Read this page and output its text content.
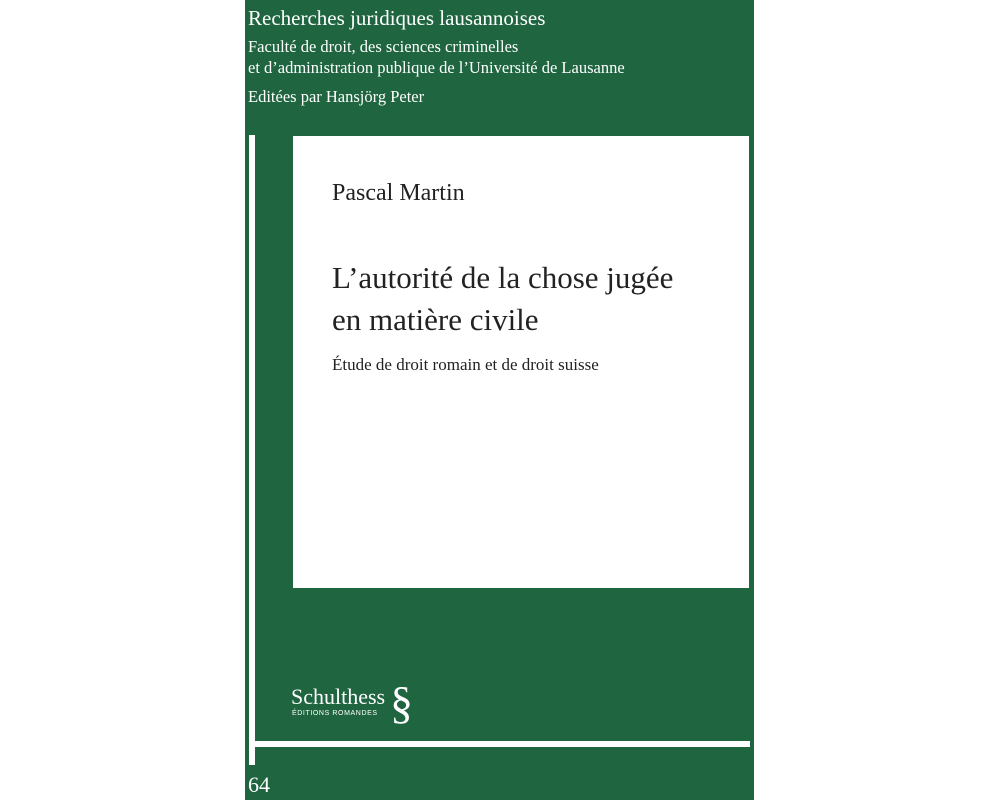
Recherches juridiques lausannoises
Faculté de droit, des sciences criminelles
et d’administration publique de l’Université de Lausanne
Editées par Hansjörg Peter
Pascal Martin
L’autorité de la chose jugée
en matière civile
Étude de droit romain et de droit suisse
Schulthess
ÉDITIONS ROMANDES §
64
